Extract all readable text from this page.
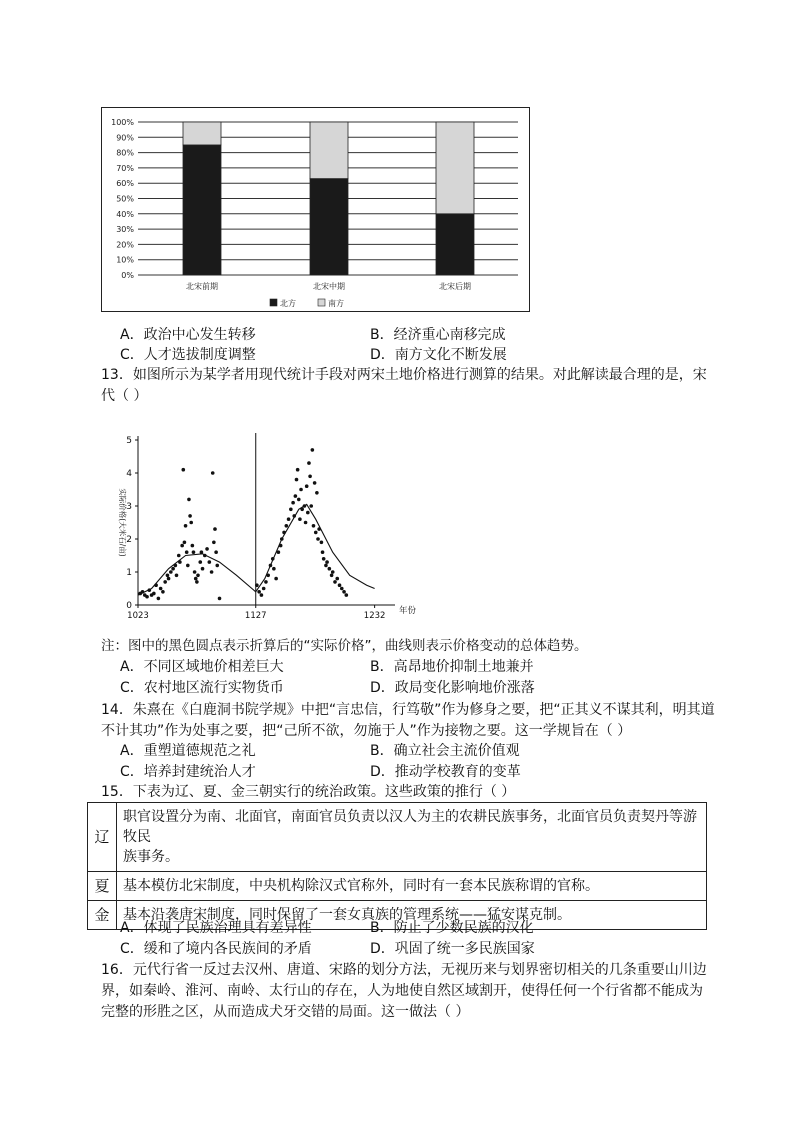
0%
10%
20%
30%
40%
50%
60%
70%
80%
90%
100%
北宋前期	北宋中期	北宋后期
北方	南方
A．政治中心发生转移	B．经济重心南移完成
C．人才选拔制度调整	D．南方文化不断发展
13．如图所示为某学者用现代统计手段对两宋土地价格进行测算的结果。对此解读最合理的是，宋
代（ ）
0
1
2
3
4
5
1023	1127	1232 年份
实际价格(大米石/亩)
注：图中的黑色圆点表示折算后的“实际价格”，曲线则表示价格变动的总体趋势。
A．不同区域地价相差巨大	B．高昂地价抑制土地兼并
C．农村地区流行实物货币	D．政局变化影响地价涨落
14．朱熹在《白鹿洞书院学规》中把“言忠信，行笃敬”作为修身之要，把“正其义不谋其利，明其道
不计其功”作为处事之要，把“己所不欲，勿施于人”作为接物之要。这一学规旨在（ ）
A．重塑道德规范之礼	B．确立社会主流价值观
C．培养封建统治人才	D．推动学校教育的变革
15．下表为辽、夏、金三朝实行的统治政策。这些政策的推行（ ）
辽	职官设置分为南、北面官，南面官员负责以汉人为主的农耕民族事务，北面官员负责契丹等游牧民
族事务。

夏	基本模仿北宋制度，中央机构除汉式官称外，同时有一套本民族称谓的官称。
金	基本沿袭唐宋制度，同时保留了一套女真族的管理系统——猛安谋克制。
A．体现了民族治理具有差异性	B．防止了少数民族的汉化
C．缓和了境内各民族间的矛盾	D．巩固了统一多民族国家
16．元代行省一反过去汉州、唐道、宋路的划分方法，无视历来与划界密切相关的几条重要山川边
界，如秦岭、淮河、南岭、太行山的存在，人为地使自然区域割开，使得任何一个行省都不能成为
完整的形胜之区，从而造成犬牙交错的局面。这一做法（ ）
